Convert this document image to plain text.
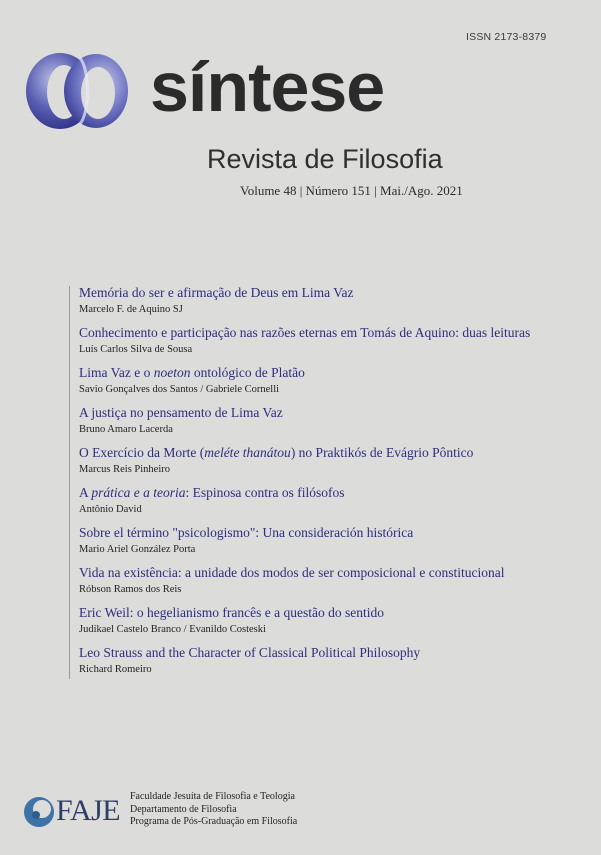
ISSN 2173-8379
síntese
Revista de Filosofia
Volume 48 | Número 151 | Mai./Ago. 2021
Memória do ser e afirmação de Deus em Lima Vaz
Marcelo F. de Aquino SJ
Conhecimento e participação nas razões eternas em Tomás de Aquino: duas leituras
Luís Carlos Silva de Sousa
Lima Vaz e o noeton ontológico de Platão
Savio Gonçalves dos Santos / Gabriele Cornelli
A justiça no pensamento de Lima Vaz
Bruno Amaro Lacerda
O Exercício da Morte (meléte thanátou) no Praktikós de Evágrio Pôntico
Marcus Reis Pinheiro
A prática e a teoria: Espinosa contra os filósofos
Antônio David
Sobre el término "psicologismo": Una consideración histórica
Mario Ariel González Porta
Vida na existência: a unidade dos modos de ser composicional e constitucional
Róbson Ramos dos Reis
Eric Weil: o hegelianismo francês e a questão do sentido
Judikael Castelo Branco / Evanildo Costeski
Leo Strauss and the Character of Classical Political Philosophy
Richard Romeiro
FAJE Faculdade Jesuíta de Filosofia e Teologia
Departamento de Filosofia
Programa de Pós-Graduação em Filosofia
